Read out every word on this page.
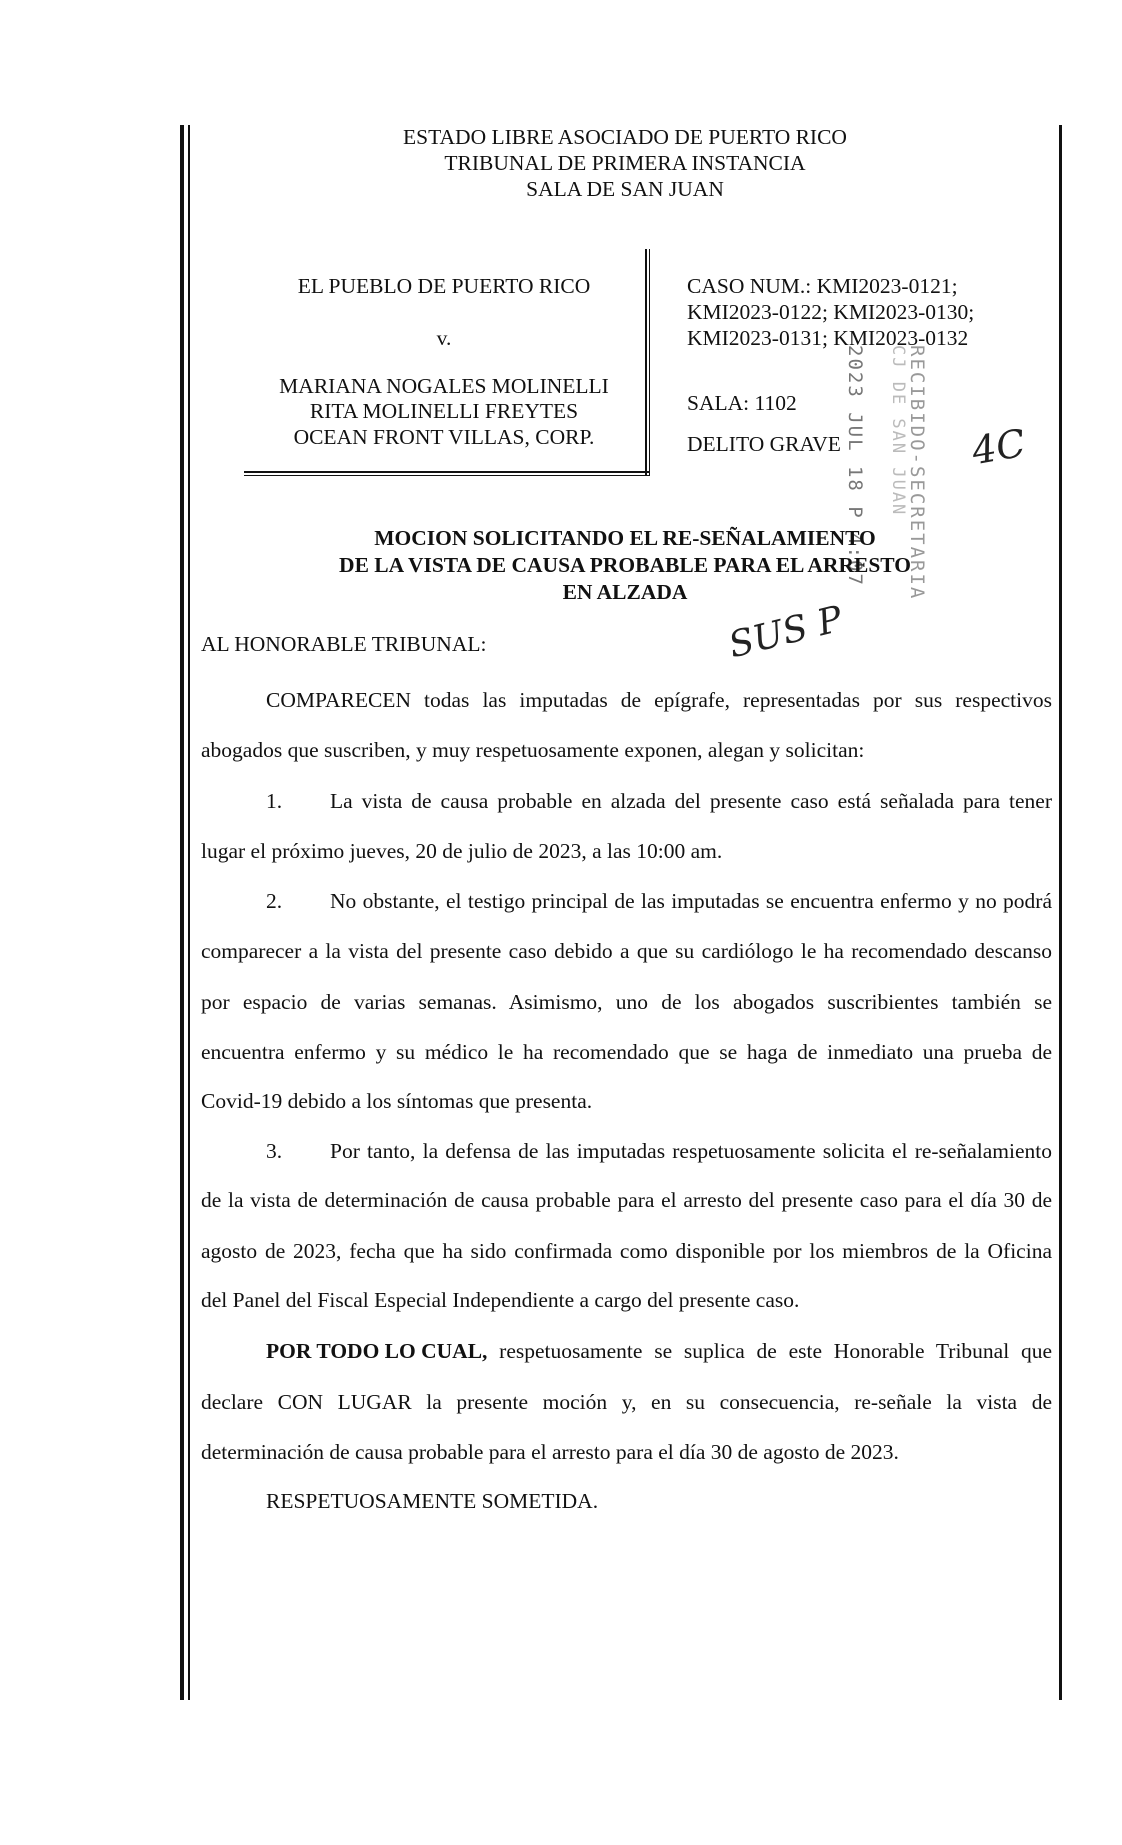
ESTADO LIBRE ASOCIADO DE PUERTO RICO
TRIBUNAL DE PRIMERA INSTANCIA
SALA DE SAN JUAN
EL PUEBLO DE PUERTO RICO
v.
MARIANA NOGALES MOLINELLI
RITA MOLINELLI FREYTES
OCEAN FRONT VILLAS, CORP.
CASO NUM.: KMI2023-0121;
KMI2023-0122; KMI2023-0130;
KMI2023-0131; KMI2023-0132
SALA: 1102
DELITO GRAVE 2023 JUL 18 P 4:07 RECIBIDO-SECRETARIA
CJ DE SAN JUAN 4C
SUS P
MOCION SOLICITANDO EL RE-SEÑALAMIENTO
DE LA VISTA DE CAUSA PROBABLE PARA EL ARRESTO
EN ALZADA
AL HONORABLE TRIBUNAL:
COMPARECEN todas las imputadas de epígrafe, representadas por sus respectivos
abogados que suscriben, y muy respetuosamente exponen, alegan y solicitan:
1. La vista de causa probable en alzada del presente caso está señalada para tener
lugar el próximo jueves, 20 de julio de 2023, a las 10:00 am.
2. No obstante, el testigo principal de las imputadas se encuentra enfermo y no podrá
comparecer a la vista del presente caso debido a que su cardiólogo le ha recomendado descanso
por espacio de varias semanas. Asimismo, uno de los abogados suscribientes también se
encuentra enfermo y su médico le ha recomendado que se haga de inmediato una prueba de
Covid-19 debido a los síntomas que presenta.
3. Por tanto, la defensa de las imputadas respetuosamente solicita el re-señalamiento
de la vista de determinación de causa probable para el arresto del presente caso para el día 30 de
agosto de 2023, fecha que ha sido confirmada como disponible por los miembros de la Oficina
del Panel del Fiscal Especial Independiente a cargo del presente caso.
POR TODO LO CUAL, respetuosamente se suplica de este Honorable Tribunal que
declare CON LUGAR la presente moción y, en su consecuencia, re-señale la vista de
determinación de causa probable para el arresto para el día 30 de agosto de 2023.
RESPETUOSAMENTE SOMETIDA.
